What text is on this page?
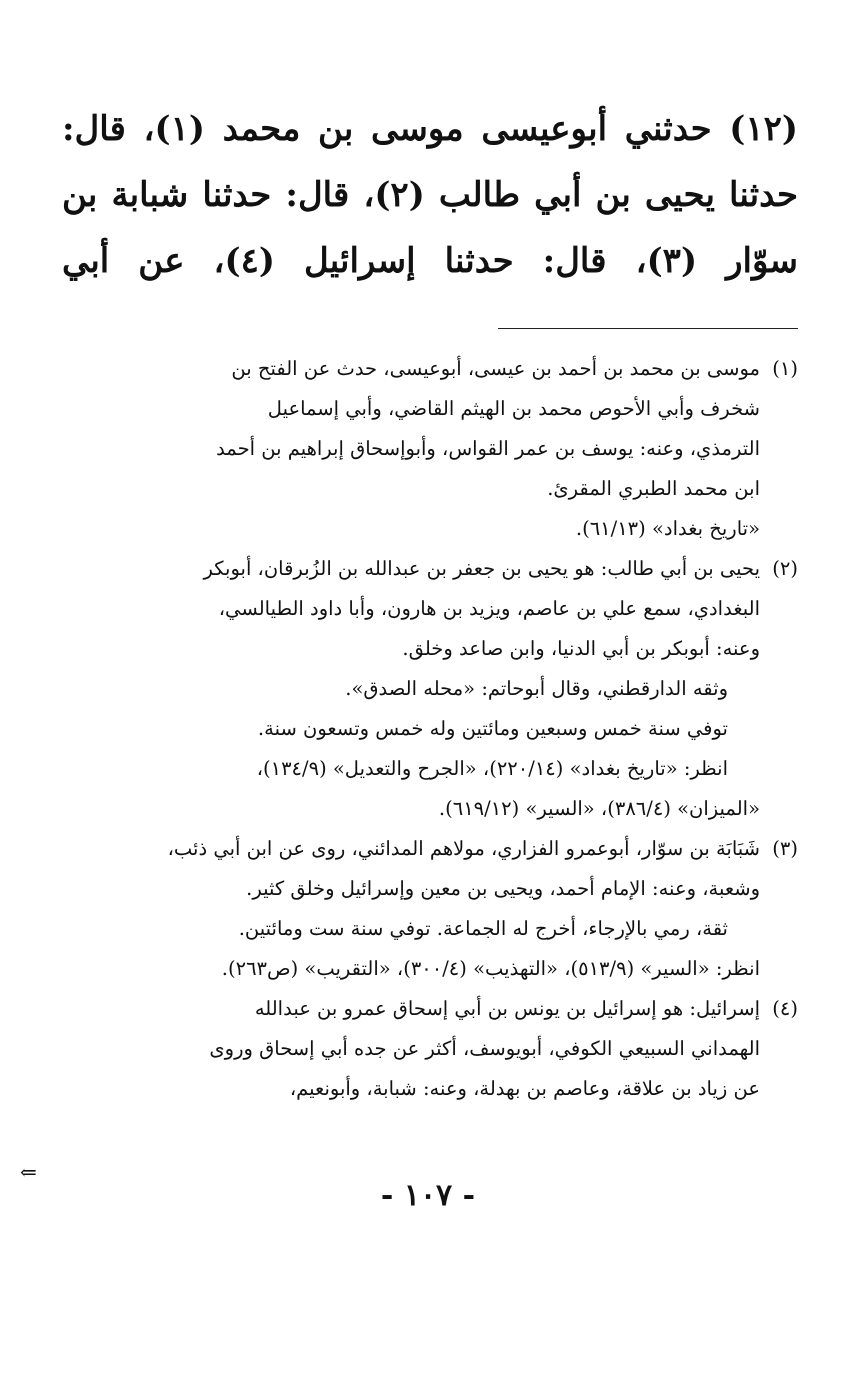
(١٢) حدثني أبوعيسى موسى بن محمد (١)، قال:
حدثنا يحيى بن أبي طالب (٢)، قال: حدثنا شبابة بن
سوّار (٣)، قال: حدثنا إسرائيل (٤)، عن أبي
(١)
موسى بن محمد بن أحمد بن عيسى، أبوعيسى، حدث عن الفتح بن
شخرف وأبي الأحوص محمد بن الهيثم القاضي، وأبي إسماعيل
الترمذي، وعنه: يوسف بن عمر القواس، وأبوإسحاق إبراهيم بن أحمد
ابن محمد الطبري المقرئ.
«تاريخ بغداد» (٦١/١٣).
(٢)
يحيى بن أبي طالب: هو يحيى بن جعفر بن عبدالله بن الزُبرقان، أبوبكر
البغدادي، سمع علي بن عاصم، ويزيد بن هارون، وأبا داود الطيالسي،
وعنه: أبوبكر بن أبي الدنيا، وابن صاعد وخلق.
وثقه الدارقطني، وقال أبوحاتم: «محله الصدق».
توفي سنة خمس وسبعين ومائتين وله خمس وتسعون سنة.
انظر: «تاريخ بغداد» (٢٢٠/١٤)، «الجرح والتعديل» (١٣٤/٩)،
«الميزان» (٣٨٦/٤)، «السير» (٦١٩/١٢).
(٣)
شَبَابَة بن سوّار، أبوعمرو الفزاري، مولاهم المدائني، روى عن ابن أبي ذئب،
وشعبة، وعنه: الإمام أحمد، ويحيى بن معين وإسرائيل وخلق كثير.
ثقة، رمي بالإرجاء، أخرج له الجماعة. توفي سنة ست ومائتين.
انظر: «السير» (٥١٣/٩)، «التهذيب» (٣٠٠/٤)، «التقريب» (ص٢٦٣).
(٤)
إسرائيل: هو إسرائيل بن يونس بن أبي إسحاق عمرو بن عبدالله
الهمداني السبيعي الكوفي، أبويوسف، أكثر عن جده أبي إسحاق وروى
عن زياد بن علاقة، وعاصم بن بهدلة، وعنه: شبابة، وأبونعيم،
⇐
- ١٠٧ -
